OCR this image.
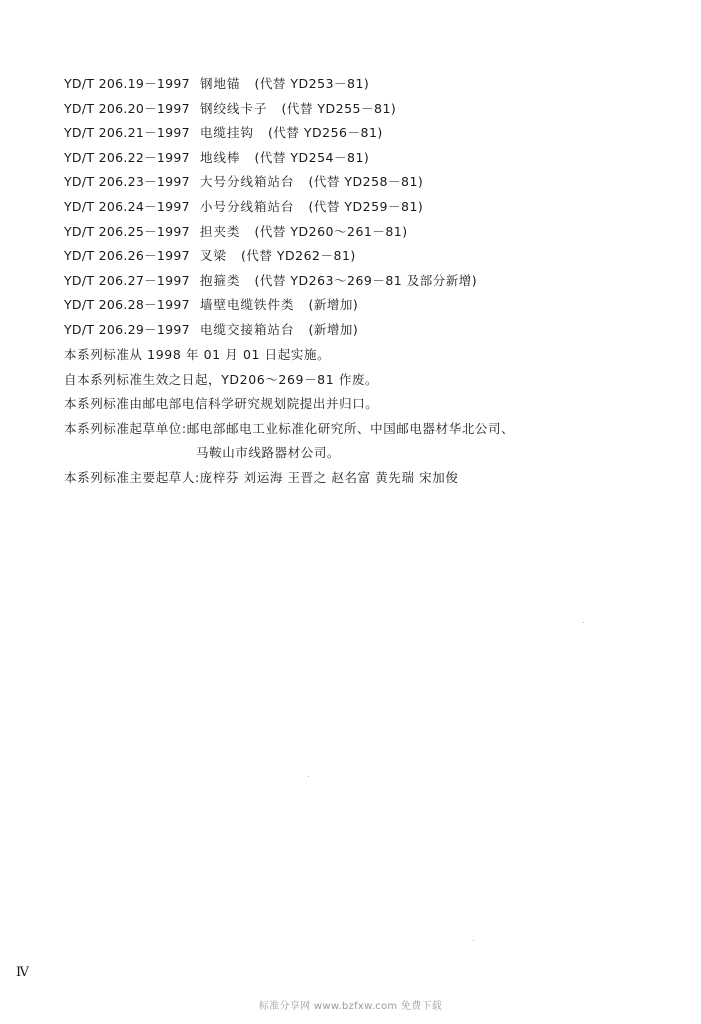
YD/T 206.19－1997 钢地锚 (代替 YD253－81)
YD/T 206.20－1997 钢绞线卡子 (代替 YD255－81)
YD/T 206.21－1997 电缆挂钩 (代替 YD256－81)
YD/T 206.22－1997 地线棒 (代替 YD254－81)
YD/T 206.23－1997 大号分线箱站台 (代替 YD258－81)
YD/T 206.24－1997 小号分线箱站台 (代替 YD259－81)
YD/T 206.25－1997 担夹类 (代替 YD260～261－81)
YD/T 206.26－1997 叉梁 (代替 YD262－81)
YD/T 206.27－1997 抱箍类 (代替 YD263～269－81 及部分新增)
YD/T 206.28－1997 墙壁电缆铁件类 (新增加)
YD/T 206.29－1997 电缆交接箱站台 (新增加)
本系列标准从 1998 年 01 月 01 日起实施。
自本系列标准生效之日起，YD206～269－81 作废。
本系列标准由邮电部电信科学研究规划院提出并归口。
本系列标准起草单位:邮电部邮电工业标准化研究所、中国邮电器材华北公司、
马鞍山市线路器材公司。
本系列标准主要起草人:庞梓芬 刘运海 王晋之 赵名富 黄先瑞 宋加俊
Ⅳ
标准分享网 www.bzfxw.com 免费下载
